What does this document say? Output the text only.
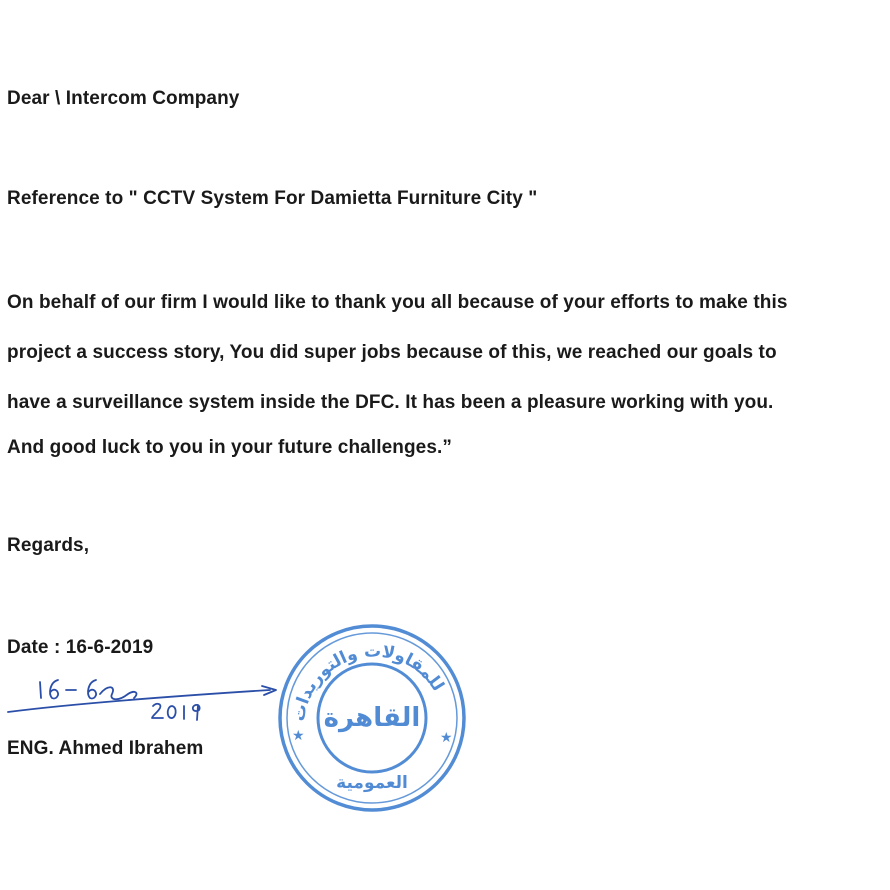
Dear \ Intercom Company
Reference to " CCTV System For Damietta Furniture City "
On behalf of our firm I would like to thank you all because of your efforts to make this
project a success story, You did super jobs because of this, we reached our goals to
have a surveillance system inside the DFC. It has been a pleasure working with you.
And good luck to you in your future challenges.”
Regards,
Date : 16-6-2019
ENG. Ahmed Ibrahem
للمقاولات والتوريدات
القاهرة
العمومية
★	★
